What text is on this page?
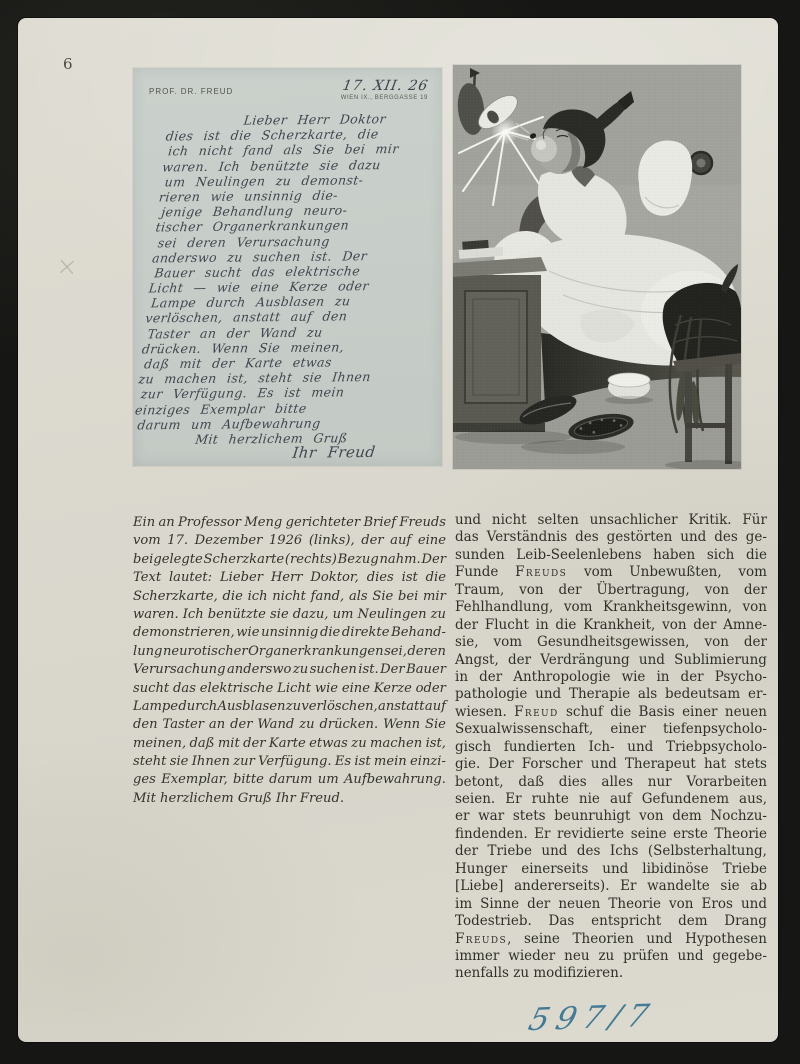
6
×
PROF. DR. FREUD	17. XII. 26
WIEN IX., BERGGASSE 19
Lieber Herr Doktor
dies ist die Scherzkarte, die
ich nicht fand als Sie bei mir
waren. Ich benützte sie dazu
um Neulingen zu demonst-
rieren wie unsinnig die-
jenige Behandlung neuro-
tischer Organerkrankungen
sei deren Verursachung
anderswo zu suchen ist. Der
Bauer sucht das elektrische
Licht — wie eine Kerze oder
Lampe durch Ausblasen zu
verlöschen, anstatt auf den
Taster an der Wand zu
drücken. Wenn Sie meinen,
daß mit der Karte etwas
zu machen ist, steht sie Ihnen
zur Verfügung. Es ist mein
einziges Exemplar bitte
darum um Aufbewahrung
Mit herzlichem Gruß
Ihr Freud
Ein an Professor Meng gerichteter Brief Freuds
vom 17. Dezember 1926 (links), der auf eine
beigelegte Scherzkarte (rechts) Bezug nahm. Der
Text lautet: Lieber Herr Doktor, dies ist die
Scherzkarte, die ich nicht fand, als Sie bei mir
waren. Ich benützte sie dazu, um Neulingen zu
demonstrieren, wie unsinnig die direkte Behand-
lung neurotischer Organerkrankungen sei, deren
Verursachung anderswo zu suchen ist. Der Bauer
sucht das elektrische Licht wie eine Kerze oder
Lampe durch Ausblasen zu verlöschen, anstatt auf
den Taster an der Wand zu drücken. Wenn Sie
meinen, daß mit der Karte etwas zu machen ist,
steht sie Ihnen zur Verfügung. Es ist mein einzi-
ges Exemplar, bitte darum um Aufbewahrung.
Mit herzlichem Gruß Ihr Freud.
und nicht selten unsachlicher Kritik. Für
das Verständnis des gestörten und des ge-
sunden Leib-Seelenlebens haben sich die
Funde Freuds vom Unbewußten, vom
Traum, von der Übertragung, von der
Fehlhandlung, vom Krankheitsgewinn, von
der Flucht in die Krankheit, von der Amne-
sie, vom Gesundheitsgewissen, von der
Angst, der Verdrängung und Sublimierung
in der Anthropologie wie in der Psycho-
pathologie und Therapie als bedeutsam er-
wiesen. Freud schuf die Basis einer neuen
Sexualwissenschaft, einer tiefenpsycholo-
gisch fundierten Ich- und Triebpsycholo-
gie. Der Forscher und Therapeut hat stets
betont, daß dies alles nur Vorarbeiten
seien. Er ruhte nie auf Gefundenem aus,
er war stets beunruhigt von dem Nochzu-
findenden. Er revidierte seine erste Theorie
der Triebe und des Ichs (Selbsterhaltung,
Hunger einerseits und libidinöse Triebe
[Liebe] andererseits). Er wandelte sie ab
im Sinne der neuen Theorie von Eros und
Todestrieb. Das entspricht dem Drang
Freuds, seine Theorien und Hypothesen
immer wieder neu zu prüfen und gegebe-
nenfalls zu modifizieren.
597/7
